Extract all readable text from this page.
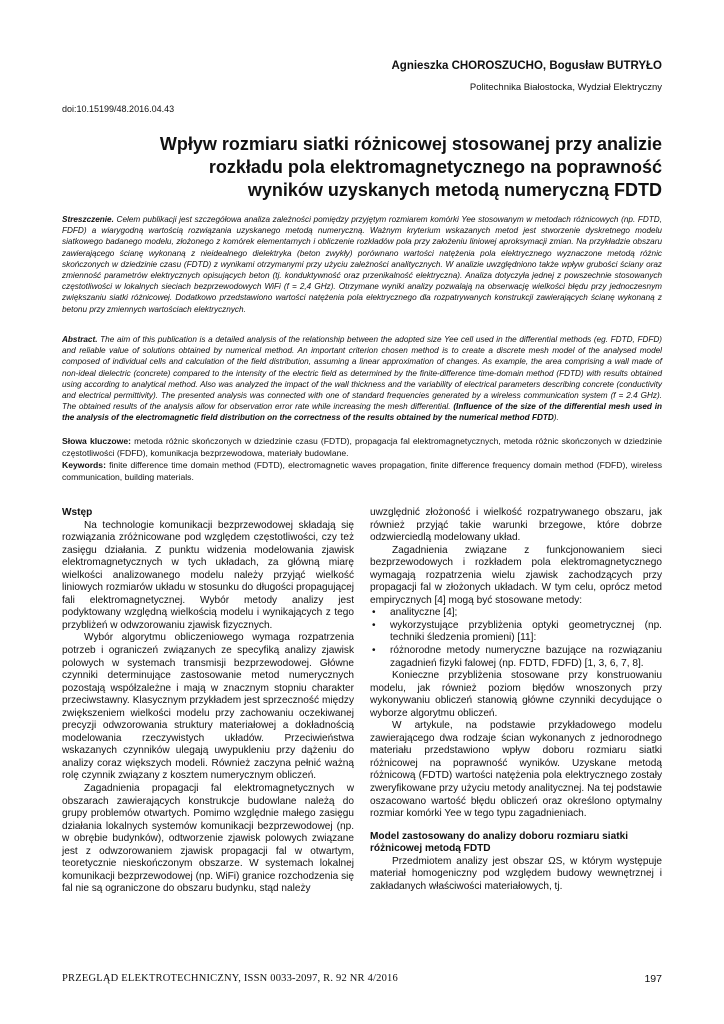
Agnieszka CHOROSZUCHO, Bogusław BUTRYŁO
Politechnika Białostocka, Wydział Elektryczny
doi:10.15199/48.2016.04.43
Wpływ rozmiaru siatki różnicowej stosowanej przy analizie
rozkładu pola elektromagnetycznego na poprawność
wyników uzyskanych metodą numeryczną FDTD
Streszczenie. Celem publikacji jest szczegółowa analiza zależności pomiędzy przyjętym rozmiarem komórki Yee stosowanym w metodach różnicowych (np. FDTD, FDFD) a wiarygodną wartością rozwiązania uzyskanego metodą numeryczną. Ważnym kryterium wskazanych metod jest stworzenie dyskretnego modelu siatkowego badanego modelu, złożonego z komórek elementarnych i obliczenie rozkładów pola przy założeniu liniowej aproksymacji zmian. Na przykładzie obszaru zawierającego ścianę wykonaną z nieidealnego dielektryka (beton zwykły) porównano wartości natężenia pola elektrycznego wyznaczone metodą różnic skończonych w dziedzinie czasu (FDTD) z wynikami otrzymanymi przy użyciu zależności analitycznych. W analizie uwzględniono także wpływ grubości ściany oraz zmienność parametrów elektrycznych opisujących beton (tj. konduktywność oraz przenikalność elektryczna). Analiza dotyczyła jednej z powszechnie stosowanych częstotliwości w lokalnych sieciach bezprzewodowych WiFi (f = 2,4 GHz). Otrzymane wyniki analizy pozwalają na obserwację wielkości błędu przy jednoczesnym zwiększaniu siatki różnicowej. Dodatkowo przedstawiono wartości natężenia pola elektrycznego dla rozpatrywanych konstrukcji zawierających ścianę wykonaną z betonu przy zmiennych wartościach elektrycznych.
Abstract. The aim of this publication is a detailed analysis of the relationship between the adopted size Yee cell used in the differential methods (eg. FDTD, FDFD) and reliable value of solutions obtained by numerical method. An important criterion chosen method is to create a discrete mesh model of the analysed model composed of individual cells and calculation of the field distribution, assuming a linear approximation of changes. As example, the area comprising a wall made of non-ideal dielectric (concrete) compared to the intensity of the electric field as determined by the finite-difference time-domain method (FDTD) with results obtained using according to analytical method. Also was analyzed the impact of the wall thickness and the variability of electrical parameters describing concrete (conductivity and electrical permittivity). The presented analysis was connected with one of standard frequencies generated by a wireless communication system (f = 2.4 GHz). The obtained results of the analysis allow for observation error rate while increasing the mesh differential. (Influence of the size of the differential mesh used in the analysis of the electromagnetic field distribution on the correctness of the results obtained by the numerical method FDTD).
Słowa kluczowe: metoda różnic skończonych w dziedzinie czasu (FDTD), propagacja fal elektromagnetycznych, metoda różnic skończonych w dziedzinie częstotliwości (FDFD), komunikacja bezprzewodowa, materiały budowlane.
Keywords: finite difference time domain method (FDTD), electromagnetic waves propagation, finite difference frequency domain method (FDFD), wireless communication, building materials.
Wstęp

Na technologie komunikacji bezprzewodowej składają się rozwiązania zróżnicowane pod względem częstotliwości, czy też zasięgu działania. Z punktu widzenia modelowania zjawisk elektromagnetycznych w tych układach, za główną miarę wielkości analizowanego modelu należy przyjąć wielkość liniowych rozmiarów układu w stosunku do długości propagującej fali elektromagnetycznej. Wybór metody analizy jest podyktowany względną wielkością modelu i wynikających z tego przybliżeń w odwzorowaniu zjawisk fizycznych.

Wybór algorytmu obliczeniowego wymaga rozpatrzenia potrzeb i ograniczeń związanych ze specyfiką analizy zjawisk polowych w systemach transmisji bezprzewodowej. Główne czynniki determinujące zastosowanie metod numerycznych pozostają współzależne i mają w znacznym stopniu charakter przeciwstawny. Klasycznym przykładem jest sprzeczność między zwiększeniem wielkości modelu przy zachowaniu oczekiwanej precyzji odwzorowania struktury materiałowej a dokładnością modelowania rzeczywistych układów. Przeciwieństwa wskazanych czynników ulegają uwypukleniu przy dążeniu do analizy coraz większych modeli. Również zaczyna pełnić ważną rolę czynnik związany z kosztem numerycznym obliczeń.

Zagadnienia propagacji fal elektromagnetycznych w obszarach zawierających konstrukcje budowlane należą do grupy problemów otwartych. Pomimo względnie małego zasięgu działania lokalnych systemów komunikacji bezprzewodowej (np. w obrębie budynków), odtworzenie zjawisk polowych związane jest z odwzorowaniem zjawisk propagacji fal w otwartym, teoretycznie nieskończonym obszarze. W systemach lokalnej komunikacji bezprzewodowej (np. WiFi) granice rozchodzenia się fal nie są ograniczone do obszaru budynku, stąd należy

uwzględnić złożoność i wielkość rozpatrywanego obszaru, jak również przyjąć takie warunki brzegowe, które dobrze odzwierciedlą modelowany układ.

Zagadnienia związane z funkcjonowaniem sieci bezprzewodowych i rozkładem pola elektromagnetycznego wymagają rozpatrzenia wielu zjawisk zachodzących przy propagacji fal w złożonych układach. W tym celu, oprócz metod empirycznych [4] mogą być stosowane metody:

• analityczne [4];
• wykorzystujące przybliżenia optyki geometrycznej (np. techniki śledzenia promieni) [11]:
• różnorodne metody numeryczne bazujące na rozwiązaniu zagadnień fizyki falowej (np. FDTD, FDFD) [1, 3, 6, 7, 8].

Konieczne przybliżenia stosowane przy konstruowaniu modelu, jak również poziom błędów wnoszonych przy wykonywaniu obliczeń stanowią główne czynniki decydujące o wyborze algorytmu obliczeń.

W artykule, na podstawie przykładowego modelu zawierającego dwa rodzaje ścian wykonanych z jednorodnego materiału przedstawiono wpływ doboru rozmiaru siatki różnicowej na poprawność wyników. Uzyskane metodą różnicową (FDTD) wartości natężenia pola elektrycznego zostały zweryfikowane przy użyciu metody analitycznej. Na tej podstawie oszacowano wartość błędu obliczeń oraz określono optymalny rozmiar komórki Yee w tego typu zagadnieniach.

Model zastosowany do analizy doboru rozmiaru siatki różnicowej metodą FDTD

Przedmiotem analizy jest obszar ΩS, w którym występuje materiał homogeniczny pod względem budowy wewnętrznej i zakładanych właściwości materiałowych, tj.

PRZEGLĄD ELEKTROTECHNICZNY, ISSN 0033-2097, R. 92 NR 4/2016	197
